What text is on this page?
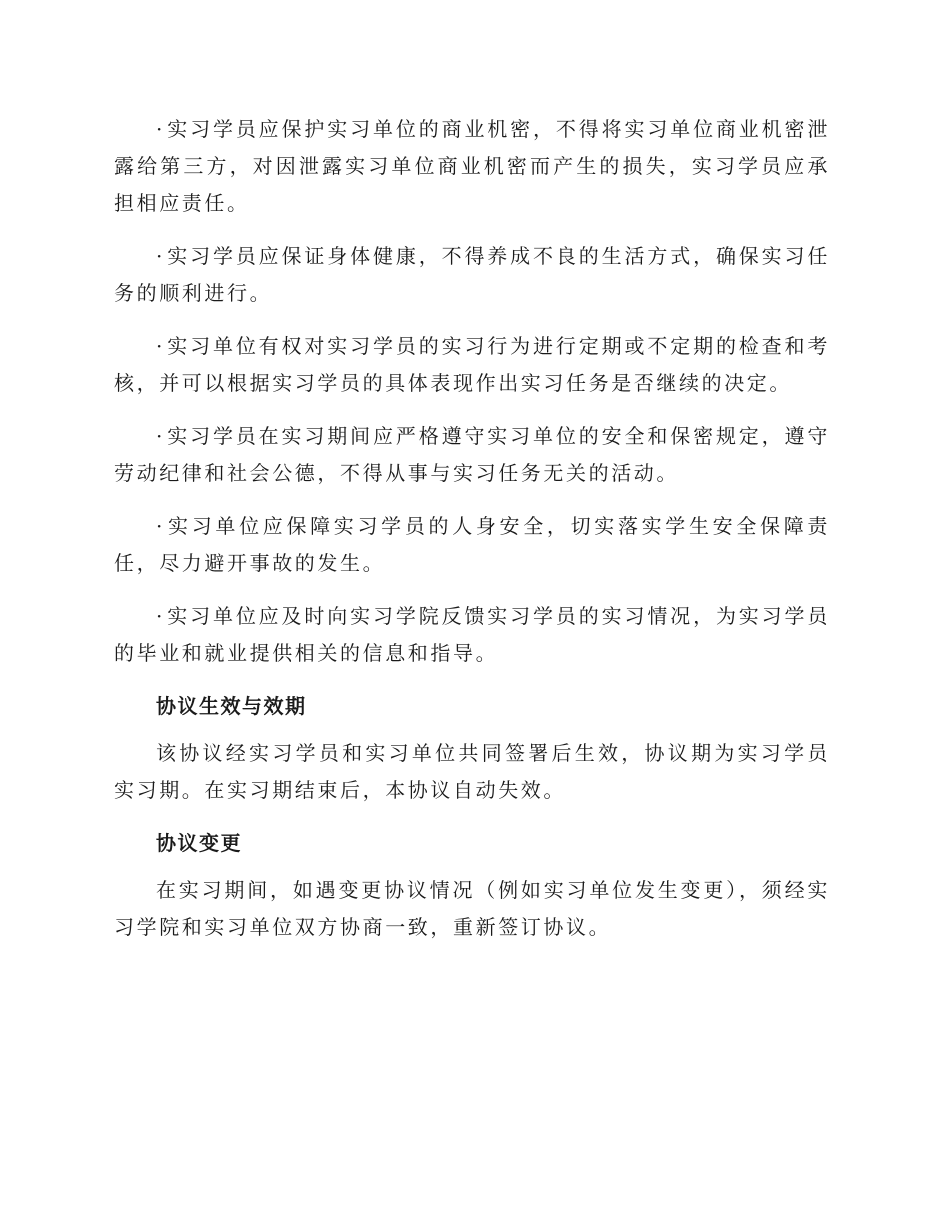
· 实习学员应保护实习单位的商业机密，不得将实习单位商业机密泄露给第三方，对因泄露实习单位商业机密而产生的损失，实习学员应承担相应责任。

· 实习学员应保证身体健康，不得养成不良的生活方式，确保实习任务的顺利进行。

· 实习单位有权对实习学员的实习行为进行定期或不定期的检查和考核，并可以根据实习学员的具体表现作出实习任务是否继续的决定。

· 实习学员在实习期间应严格遵守实习单位的安全和保密规定，遵守劳动纪律和社会公德，不得从事与实习任务无关的活动。

· 实习单位应保障实习学员的人身安全，切实落实学生安全保障责任，尽力避开事故的发生。

· 实习单位应及时向实习学院反馈实习学员的实习情况，为实习学员的毕业和就业提供相关的信息和指导。

协议生效与效期

该协议经实习学员和实习单位共同签署后生效，协议期为实习学员实习期。在实习期结束后，本协议自动失效。

协议变更

在实习期间，如遇变更协议情况（例如实习单位发生变更），须经实习学院和实习单位双方协商一致，重新签订协议。
